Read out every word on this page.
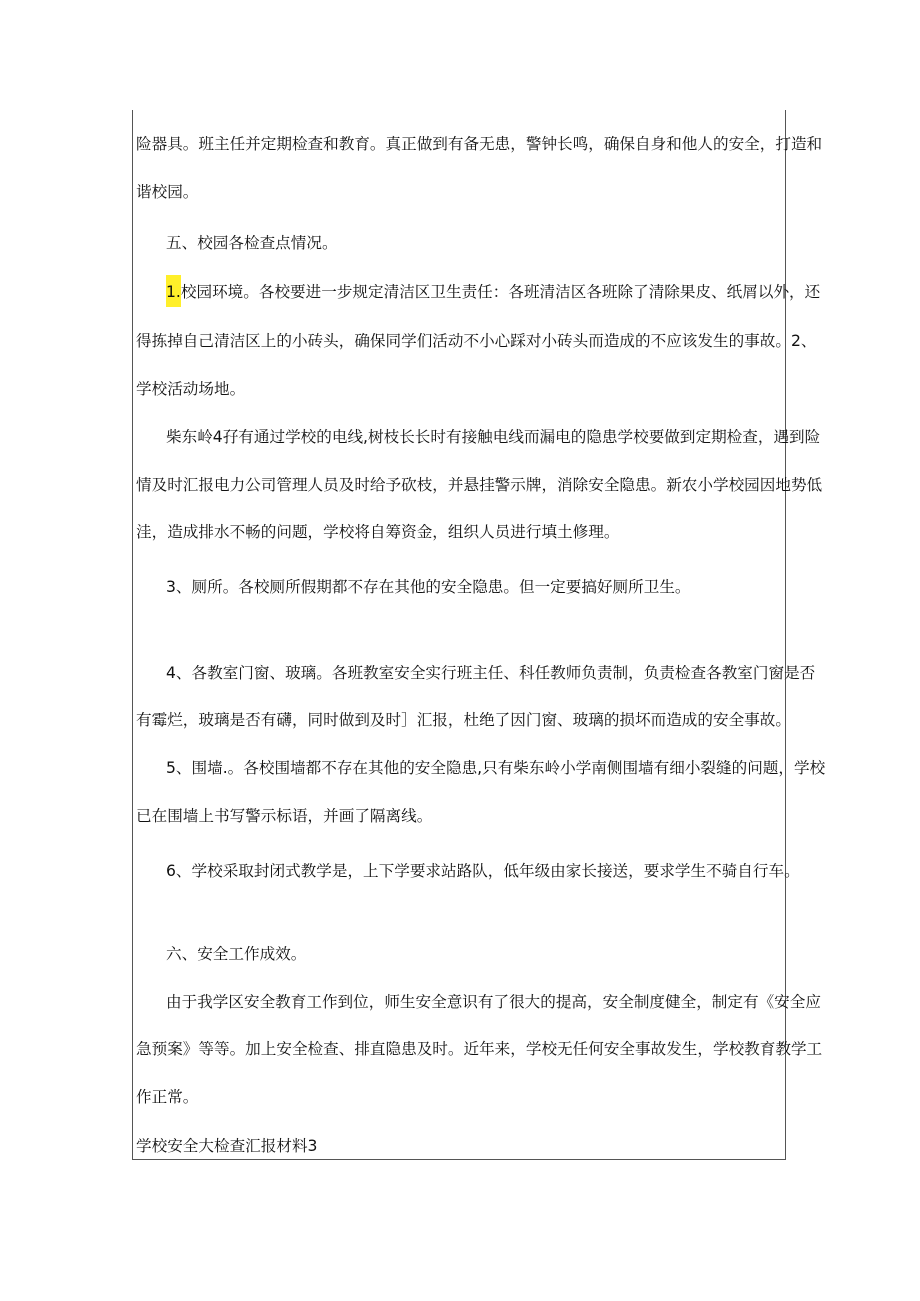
险器具。班主任并定期检查和教育。真正做到有备无患，警钟长鸣，确保自身和他人的安全，打造和
谐校园。
五、校园各检查点情况。
1.校园环境。各校要进一步规定清洁区卫生责任：各班清洁区各班除了清除果皮、纸屑以外，还
得拣掉自己清洁区上的小砖头，确保同学们活动不小心踩对小砖头而造成的不应该发生的事故。2、
学校活动场地。
柴东岭4孖有通过学校的电线,树枝长长时有接触电线而漏电的隐患学校要做到定期检查，遇到险
情及时汇报电力公司管理人员及时给予砍枝，并悬挂警示牌，消除安全隐患。新农小学校园因地势低
洼，造成排水不畅的问题，学校将自筹资金，组织人员进行填土修理。
3、厕所。各校厕所假期都不存在其他的安全隐患。但一定要搞好厕所卫生。
4、各教室门窗、玻璃。各班教室安全实行班主任、科任教师负责制，负责检查各教室门窗是否
有霉烂，玻璃是否有礴，同时做到及时］汇报，杜绝了因门窗、玻璃的损坏而造成的安全事故。
5、围墙.。各校围墙都不存在其他的安全隐患,只有柴东岭小学南侧围墙有细小裂缝的问题，学校
已在围墙上书写警示标语，并画了隔离线。
6、学校采取封闭式教学是，上下学要求站路队，低年级由家长接送，要求学生不骑自行车。
六、安全工作成效。
由于我学区安全教育工作到位，师生安全意识有了很大的提高，安全制度健全，制定有《安全应
急预案》等等。加上安全检查、排直隐患及时。近年来，学校无任何安全事故发生，学校教育教学工
作正常。
学校安全大检查汇报材料3
